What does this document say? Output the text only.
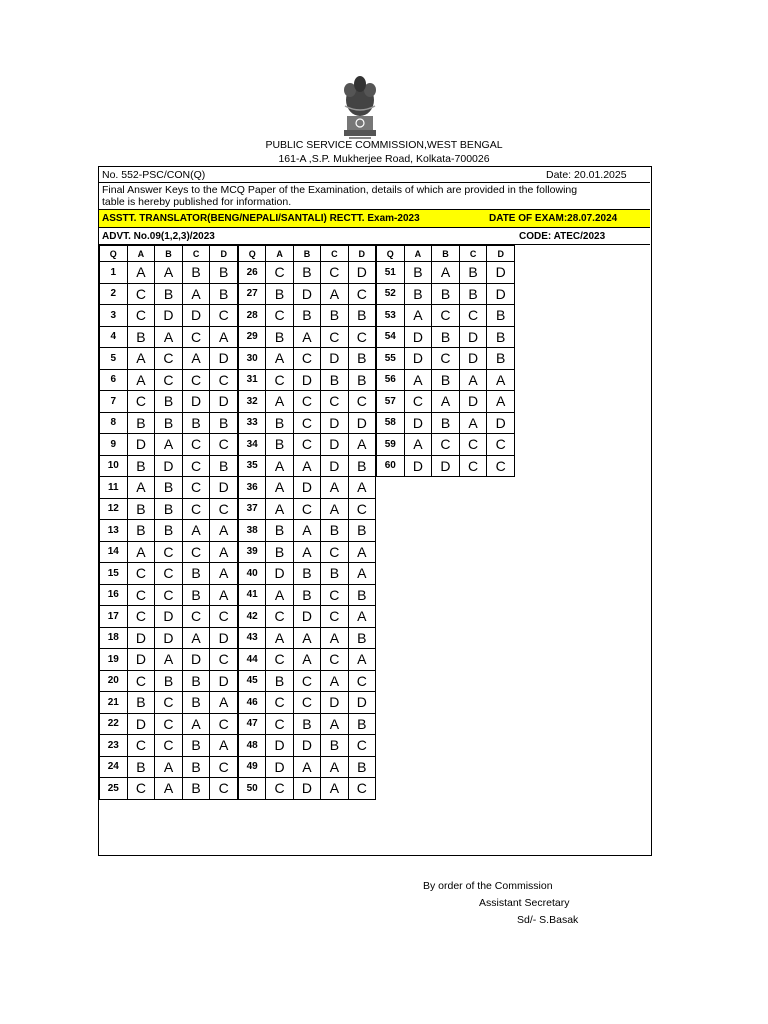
PUBLIC SERVICE COMMISSION,WEST BENGAL
161-A ,S.P. Mukherjee Road, Kolkata-700026
No. 552-PSC/CON(Q)	Date: 20.01.2025
Final Answer Keys to the MCQ Paper of the Examination, details of which are provided in the following table is hereby published for information.
ASSTT. TRANSLATOR(BENG/NEPALI/SANTALI) RECTT. Exam-2023	DATE OF EXAM:28.07.2024
ADVT. No.09(1,2,3)/2023	CODE: ATEC/2023
Q	A	B	C	D
1	A	A	B	B
2	C	B	A	B
3	C	D	D	C
4	B	A	C	A
5	A	C	A	D
6	A	C	C	C
7	C	B	D	D
8	B	B	B	B
9	D	A	C	C
10	B	D	C	B
11	A	B	C	D
12	B	B	C	C
13	B	B	A	A
14	A	C	C	A
15	C	C	B	A
16	C	C	B	A
17	C	D	C	C
18	D	D	A	D
19	D	A	D	C
20	C	B	B	D
21	B	C	B	A
22	D	C	A	C
23	C	C	B	A
24	B	A	B	C
25	C	A	B	C
Q	A	B	C	D
26	C	B	C	D
27	B	D	A	C
28	C	B	B	B
29	B	A	C	C
30	A	C	D	B
31	C	D	B	B
32	A	C	C	C
33	B	C	D	D
34	B	C	D	A
35	A	A	D	B
36	A	D	A	A
37	A	C	A	C
38	B	A	B	B
39	B	A	C	A
40	D	B	B	A
41	A	B	C	B
42	C	D	C	A
43	A	A	A	B
44	C	A	C	A
45	B	C	A	C
46	C	C	D	D
47	C	B	A	B
48	D	D	B	C
49	D	A	A	B
50	C	D	A	C
Q	A	B	C	D
51	B	A	B	D
52	B	B	B	D
53	A	C	C	B
54	D	B	D	B
55	D	C	D	B
56	A	B	A	A
57	C	A	D	A
58	D	B	A	D
59	A	C	C	C
60	D	D	C	C
By order of the Commission
Assistant Secretary
Sd/- S.Basak
